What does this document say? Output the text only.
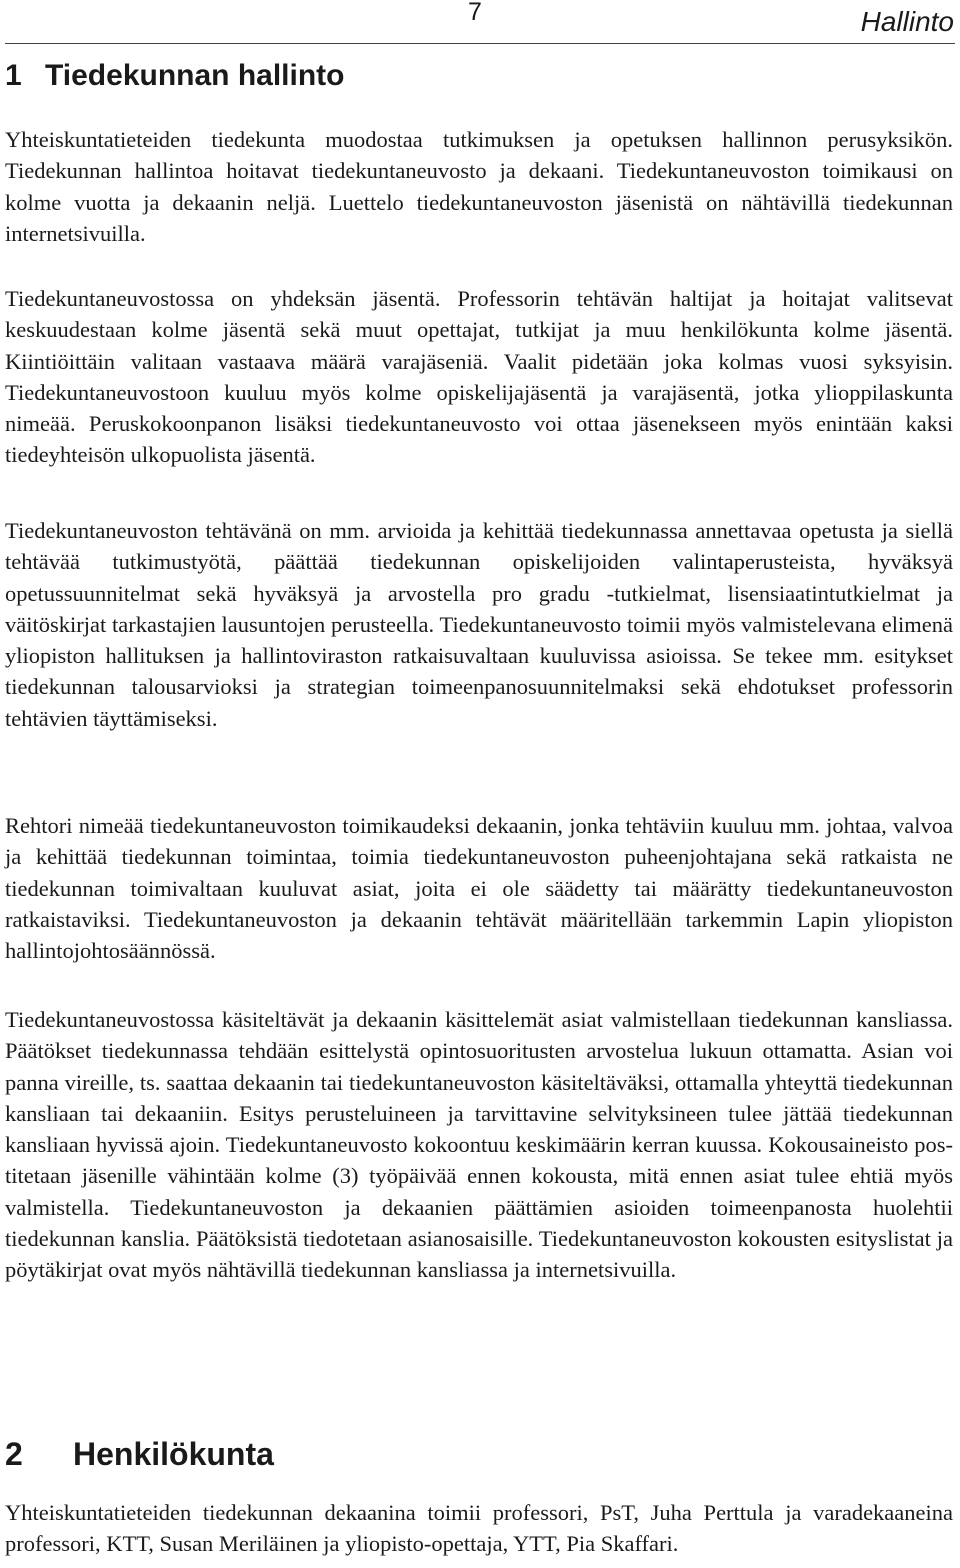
7	Hallinto
1 Tiedekunnan hallinto

Yhteiskuntatieteiden tiedekunta muodostaa tutkimuksen ja opetuksen hallinnon perusyksikön. Tiedekunnan hallintoa hoitavat tiedekuntaneuvosto ja dekaani. Tiedekuntaneuvoston toimikausi on kolme vuotta ja dekaanin neljä. Luettelo tiedekuntaneuvoston jäsenistä on nähtävillä tiedekunnan internetsivuilla.

Tiedekuntaneuvostossa on yhdeksän jäsentä. Professorin tehtävän haltijat ja hoitajat valitsevat keskuudestaan kolme jäsentä sekä muut opettajat, tutkijat ja muu henkilökunta kolme jäsentä. Kiintiöittäin valitaan vastaava määrä varajäseniä. Vaalit pidetään joka kolmas vuosi syksyisin. Tiedekuntaneuvostoon kuuluu myös kolme opiskelijajäsentä ja varajäsentä, jotka ylioppilaskunta nimeää. Peruskokoonpanon lisäksi tiedekuntaneuvosto voi ottaa jäsenekseen myös enintään kaksi tiedeyhteisön ulkopuolista jäsentä.

Tiedekuntaneuvoston tehtävänä on mm. arvioida ja kehittää tiedekunnassa annettavaa opetusta ja siellä tehtävää tutkimustyötä, päättää tiedekunnan opiskelijoiden valintaperusteista, hyväksyä opetussuunnitelmat sekä hyväksyä ja arvostella pro gradu -tutkielmat, lisensiaatintutkielmat ja väitöskirjat tarkastajien lausuntojen perusteella. Tiedekuntaneuvosto toimii myös valmistelevana elimenä yliopiston hallituksen ja hallintoviraston ratkaisuvaltaan kuuluvissa asioissa. Se tekee mm. esitykset tiedekunnan talousarvioksi ja strategian toimeenpanosuunnitelmaksi sekä ehdotukset professorin tehtävien täyttämiseksi.

Rehtori nimeää tiedekuntaneuvoston toimikaudeksi dekaanin, jonka tehtäviin kuuluu mm. johtaa, valvoa ja kehittää tiedekunnan toimintaa, toimia tiedekuntaneuvoston puheenjohtajana sekä ratkaista ne tiedekunnan toimivaltaan kuuluvat asiat, joita ei ole säädetty tai määrätty tiedekuntaneuvoston ratkaistaviksi. Tiedekuntaneuvoston ja dekaanin tehtävät määritellään tarkemmin Lapin yliopiston hallintojohtosäännössä.

Tiedekuntaneuvostossa käsiteltävät ja dekaanin käsittelemät asiat valmistellaan tiedekunnan kansliassa. Päätökset tiedekunnassa tehdään esittelystä opintosuoritusten arvostelua lukuun ottamatta. Asian voi panna vireille, ts. saattaa dekaanin tai tiedekuntaneuvoston käsiteltäväksi, ottamalla yhteyttä tiedekunnan kansliaan tai dekaaniin. Esitys perusteluineen ja tarvittavine selvityksineen tulee jättää tiedekunnan kansliaan hyvissä ajoin. Tiedekuntaneuvosto kokoontuu keskimäärin kerran kuussa. Kokousaineisto postitetaan jäsenille vähintään kolme (3) työpäivää ennen kokousta, mitä ennen asiat tulee ehtiä myös valmistella. Tiedekuntaneuvoston ja dekaanien päättämien asioiden toimeenpanosta huolehtii tiedekunnan kanslia. Päätöksistä tiedotetaan asianosaisille. Tiedekuntaneuvoston kokousten esityslistat ja pöytäkirjat ovat myös nähtävillä tiedekunnan kansliassa ja internetsivuilla.

2 Henkilökunta

Yhteiskuntatieteiden tiedekunnan dekaanina toimii professori, PsT, Juha Perttula ja varadekaaneina professori, KTT, Susan Meriläinen ja yliopisto-opettaja, YTT, Pia Skaffari.
